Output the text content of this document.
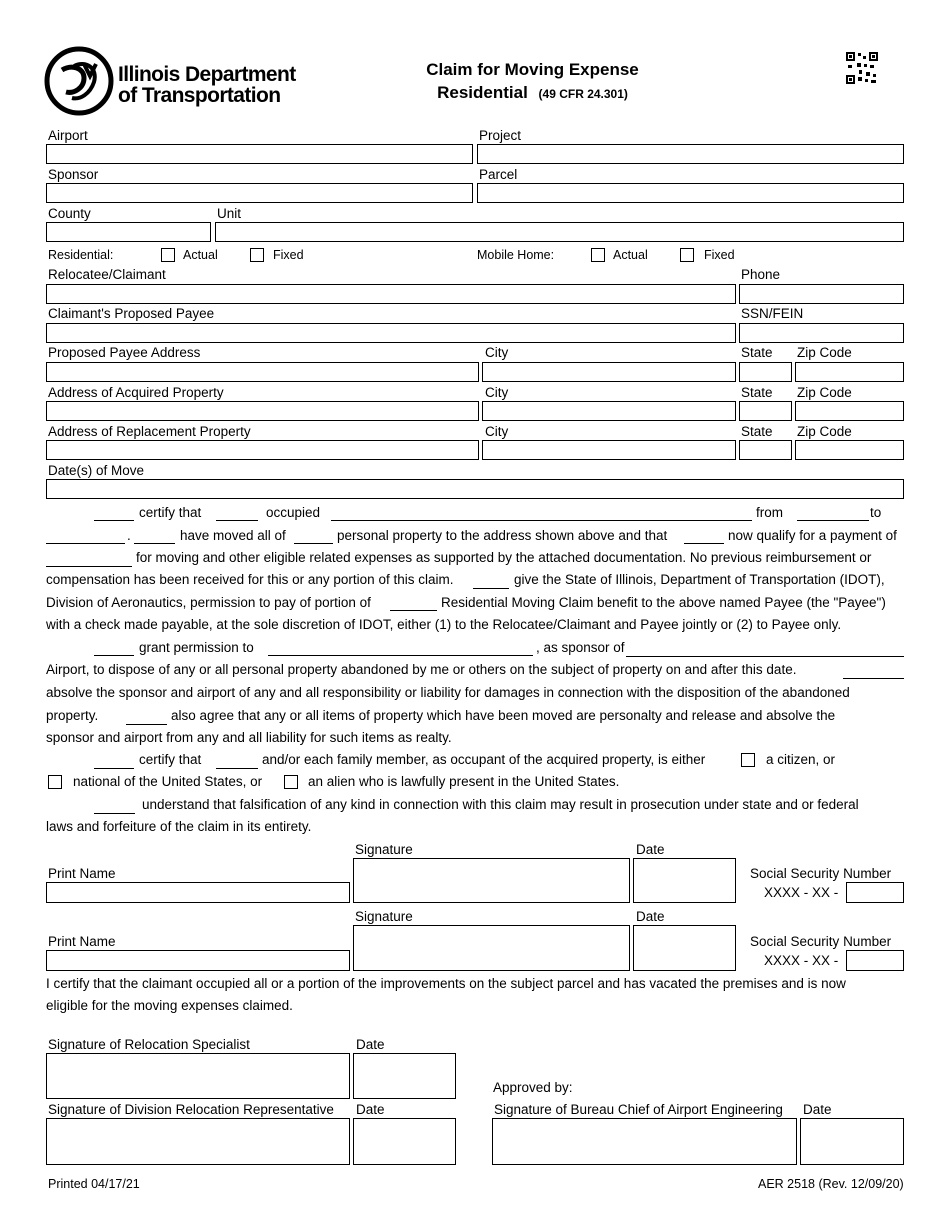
Illinois Department
of Transportation
Claim for Moving Expense
Residential (49 CFR 24.301)
Airport	Project
Sponsor	Parcel
County	Unit
Residential:	Actual	Fixed	Mobile Home:	Actual	Fixed
Relocatee/Claimant	Phone
Claimant's Proposed Payee	SSN/FEIN
Proposed Payee Address	City	State Zip Code
Address of Acquired Property	City	State Zip Code
Address of Replacement Property	City	State Zip Code
Date(s) of Move
certify that	occupied	from	to
.	have moved all of	personal property to the address shown above and that	now qualify for a payment of
for moving and other eligible related expenses as supported by the attached documentation. No previous reimbursement or
compensation has been received for this or any portion of this claim.	give the State of Illinois, Department of Transportation (IDOT),
Division of Aeronautics, permission to pay of portion of	Residential Moving Claim benefit to the above named Payee (the "Payee")
with a check made payable, at the sole discretion of IDOT, either (1) to the Relocatee/Claimant and Payee jointly or (2) to Payee only.
grant permission to	, as sponsor of
Airport, to dispose of any or all personal property abandoned by me or others on the subject of property on and after this date.
absolve the sponsor and airport of any and all responsibility or liability for damages in connection with the disposition of the abandoned
property.	also agree that any or all items of property which have been moved are personalty and release and absolve the
sponsor and airport from any and all liability for such items as realty.
certify that	and/or each family member, as occupant of the acquired property, is either	a citizen, or
national of the United States, or	an alien who is lawfully present in the United States.
understand that falsification of any kind in connection with this claim may result in prosecution under state and or federal
laws and forfeiture of the claim in its entirety.
Signature	Date
Print Name	Social Security Number
XXXX - XX -
Signature	Date
Print Name	Social Security Number
XXXX - XX -
I certify that the claimant occupied all or a portion of the improvements on the subject parcel and has vacated the premises and is now
eligible for the moving expenses claimed.
Signature of Relocation Specialist	Date
Approved by:
Signature of Division Relocation Representative Date	Signature of Bureau Chief of Airport Engineering Date
Printed 04/17/21	AER 2518 (Rev. 12/09/20)
